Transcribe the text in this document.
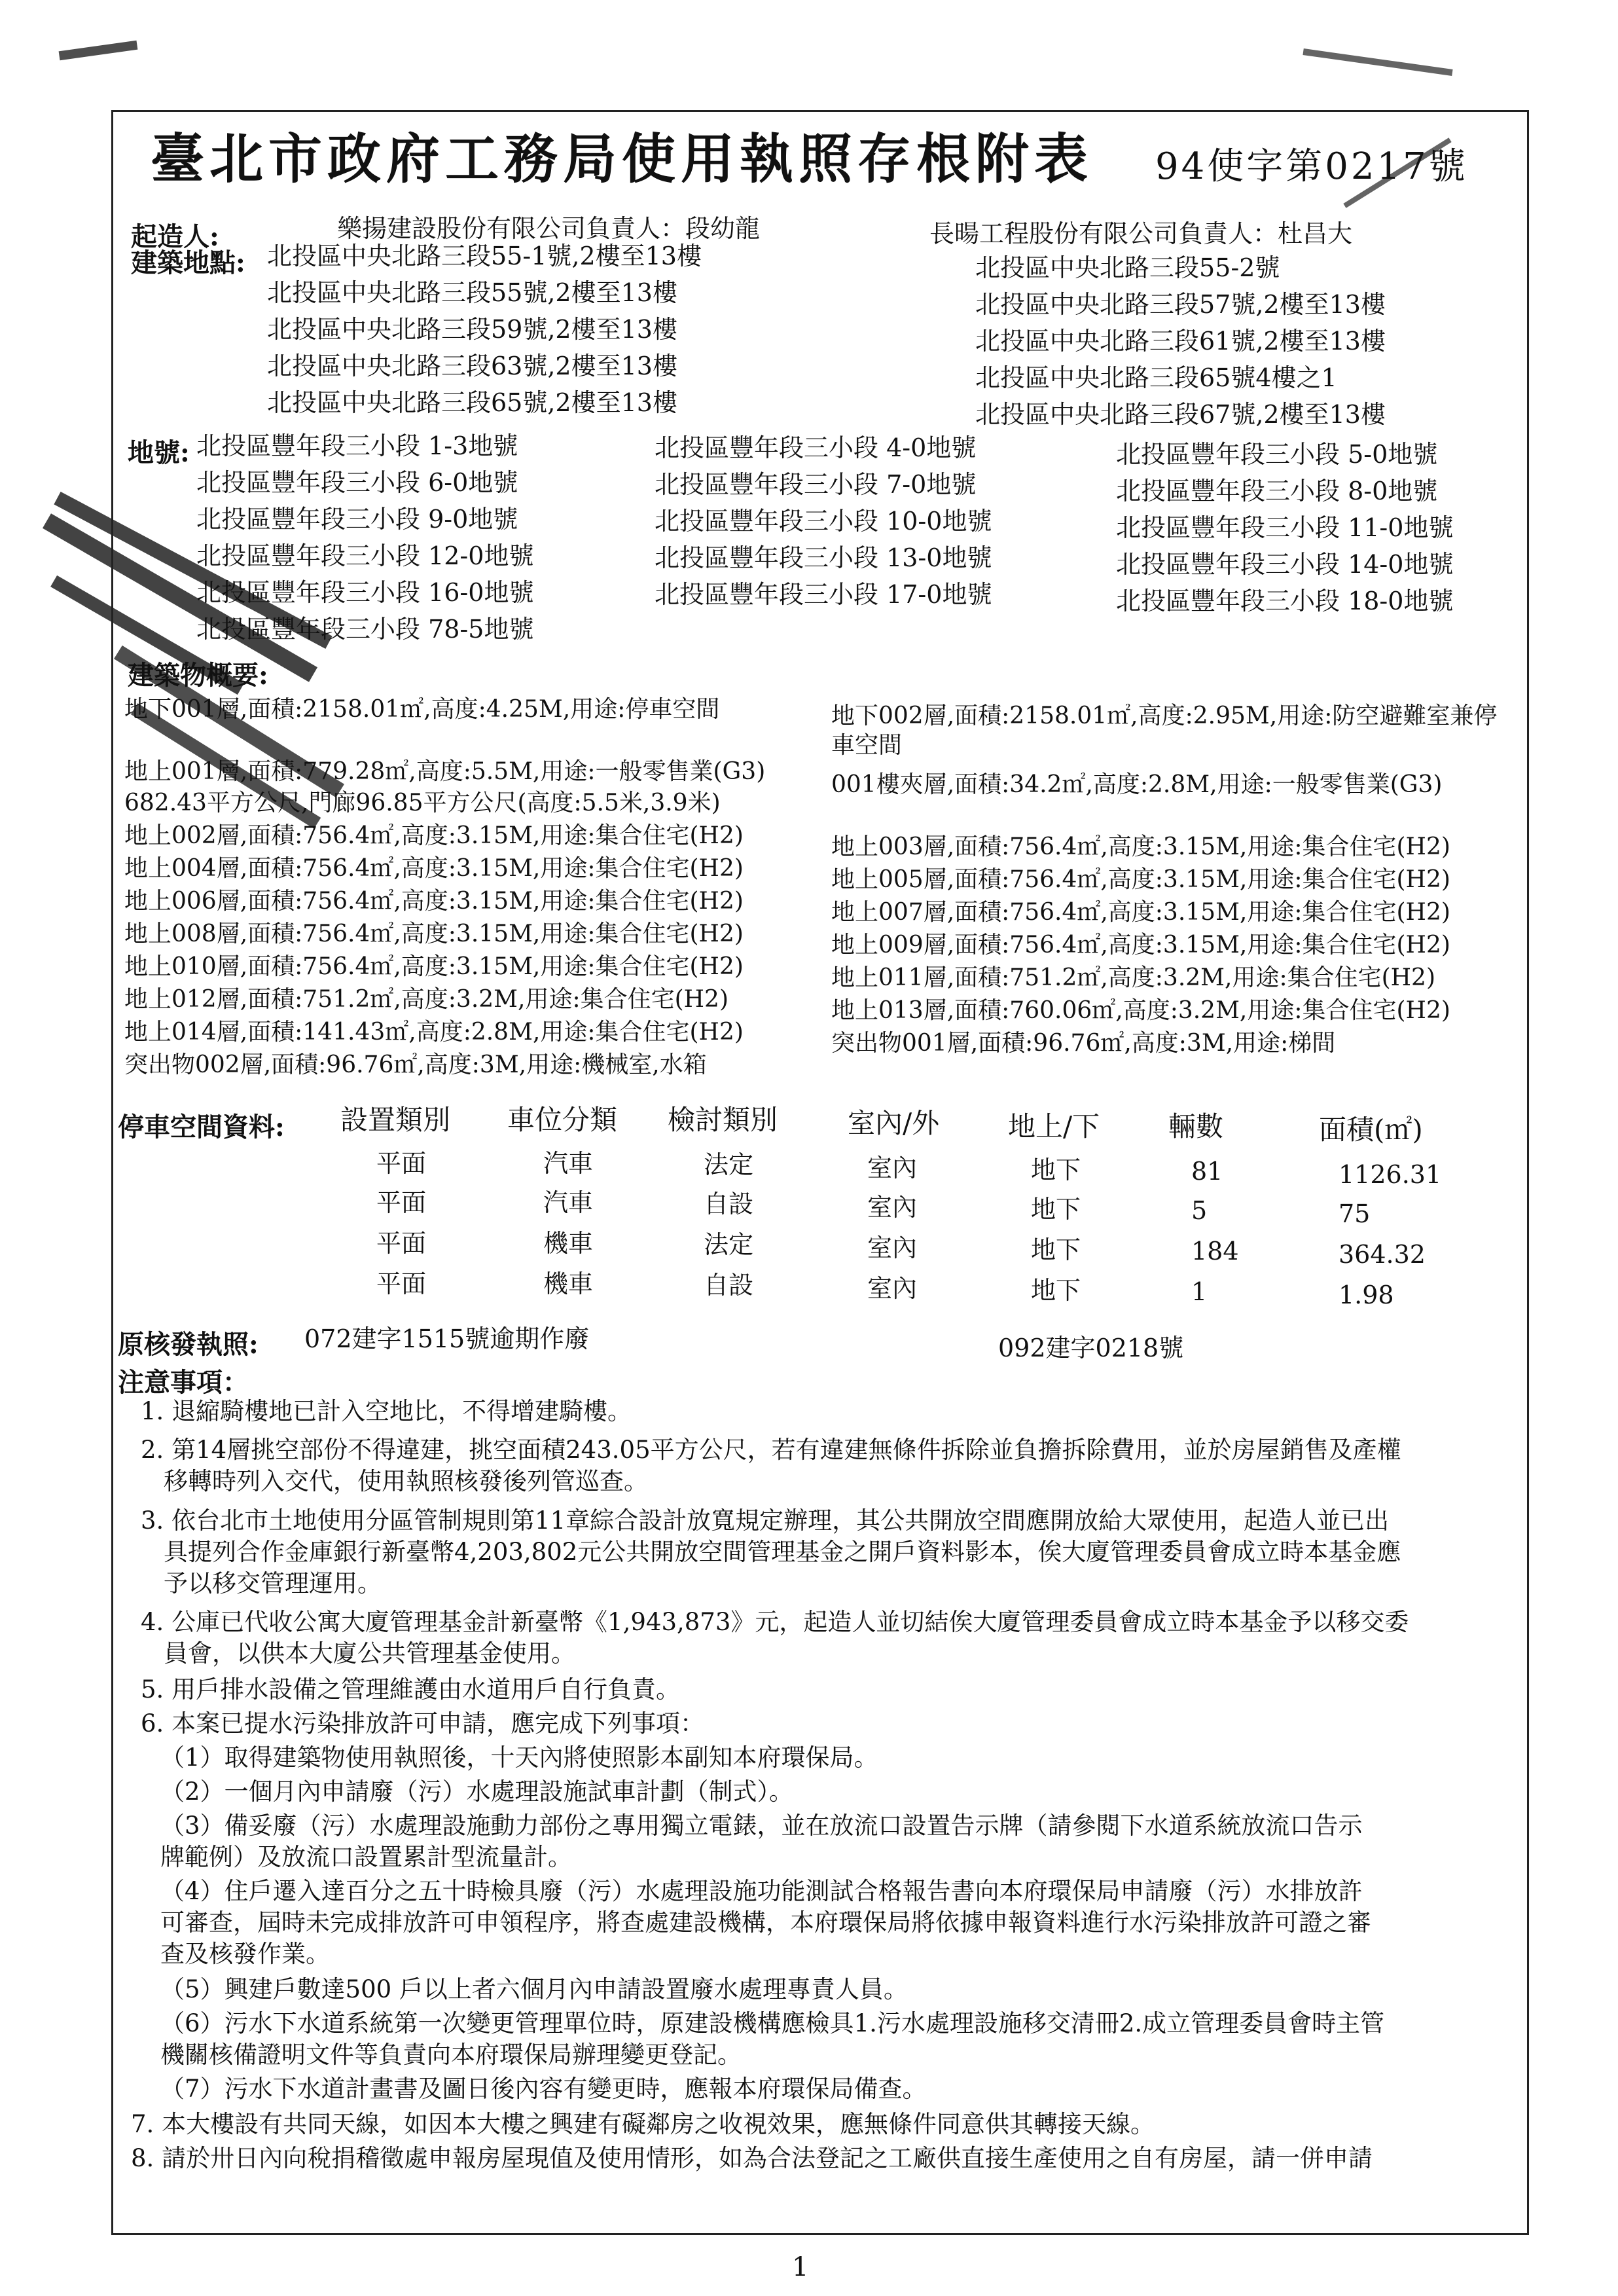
臺北市政府工務局使用執照存根附表 94使字第0217號
起造人:	樂揚建設股份有限公司負責人：段幼龍	長暘工程股份有限公司負責人：杜昌大
建築地點: 北投區中央北路三段55-1號,2樓至13樓
北投區中央北路三段55號,2樓至13樓
北投區中央北路三段59號,2樓至13樓
北投區中央北路三段63號,2樓至13樓
北投區中央北路三段65號,2樓至13樓
北投區中央北路三段55-2號
北投區中央北路三段57號,2樓至13樓
北投區中央北路三段61號,2樓至13樓
北投區中央北路三段65號4樓之1
北投區中央北路三段67號,2樓至13樓
地號: 北投區豐年段三小段 1-3地號
北投區豐年段三小段 6-0地號
北投區豐年段三小段 9-0地號
北投區豐年段三小段 12-0地號
北投區豐年段三小段 16-0地號
北投區豐年段三小段 78-5地號
北投區豐年段三小段 4-0地號
北投區豐年段三小段 7-0地號
北投區豐年段三小段 10-0地號
北投區豐年段三小段 13-0地號
北投區豐年段三小段 17-0地號
北投區豐年段三小段 5-0地號
北投區豐年段三小段 8-0地號
北投區豐年段三小段 11-0地號
北投區豐年段三小段 14-0地號
北投區豐年段三小段 18-0地號
建築物概要:
地下001層,面積:2158.01㎡,高度:4.25M,用途:停車空間
地上001層,面積:779.28㎡,高度:5.5M,用途:一般零售業(G3)
682.43平方公尺,門廊96.85平方公尺(高度:5.5米,3.9米)
地上002層,面積:756.4㎡,高度:3.15M,用途:集合住宅(H2)
地上004層,面積:756.4㎡,高度:3.15M,用途:集合住宅(H2)
地上006層,面積:756.4㎡,高度:3.15M,用途:集合住宅(H2)
地上008層,面積:756.4㎡,高度:3.15M,用途:集合住宅(H2)
地上010層,面積:756.4㎡,高度:3.15M,用途:集合住宅(H2)
地上012層,面積:751.2㎡,高度:3.2M,用途:集合住宅(H2)
地上014層,面積:141.43㎡,高度:2.8M,用途:集合住宅(H2)
突出物002層,面積:96.76㎡,高度:3M,用途:機械室,水箱
地下002層,面積:2158.01㎡,高度:2.95M,用途:防空避難室兼停
車空間
001樓夾層,面積:34.2㎡,高度:2.8M,用途:一般零售業(G3)
地上003層,面積:756.4㎡,高度:3.15M,用途:集合住宅(H2)
地上005層,面積:756.4㎡,高度:3.15M,用途:集合住宅(H2)
地上007層,面積:756.4㎡,高度:3.15M,用途:集合住宅(H2)
地上009層,面積:756.4㎡,高度:3.15M,用途:集合住宅(H2)
地上011層,面積:751.2㎡,高度:3.2M,用途:集合住宅(H2)
地上013層,面積:760.06㎡,高度:3.2M,用途:集合住宅(H2)
突出物001層,面積:96.76㎡,高度:3M,用途:梯間
停車空間資料: 設置類別 車位分類 檢討類別	室內/外 地上/下 輛數	面積(㎡)
平面	汽車	法定	室內	地下	81	1126.31
平面	汽車	自設	室內	地下	5	75
平面	機車	法定	室內	地下	184	364.32
平面	機車	自設	室內	地下	1	1.98
原核發執照: 072建字1515號逾期作廢	092建字0218號
注意事項：
1. 退縮騎樓地已計入空地比，不得增建騎樓。
2. 第14層挑空部份不得違建，挑空面積243.05平方公尺，若有違建無條件拆除並負擔拆除費用，並於房屋銷售及產權
移轉時列入交代，使用執照核發後列管巡查。
3. 依台北市土地使用分區管制規則第11章綜合設計放寬規定辦理，其公共開放空間應開放給大眾使用，起造人並已出
具提列合作金庫銀行新臺幣4,203,802元公共開放空間管理基金之開戶資料影本，俟大廈管理委員會成立時本基金應
予以移交管理運用。
4. 公庫已代收公寓大廈管理基金計新臺幣《1,943,873》元，起造人並切結俟大廈管理委員會成立時本基金予以移交委
員會，以供本大廈公共管理基金使用。
5. 用戶排水設備之管理維護由水道用戶自行負責。
6. 本案已提水污染排放許可申請，應完成下列事項：
（1）取得建築物使用執照後，十天內將使照影本副知本府環保局。
（2）一個月內申請廢（污）水處理設施試車計劃（制式）。
（3）備妥廢（污）水處理設施動力部份之專用獨立電錶，並在放流口設置告示牌（請參閱下水道系統放流口告示
牌範例）及放流口設置累計型流量計。
（4）住戶遷入達百分之五十時檢具廢（污）水處理設施功能測試合格報告書向本府環保局申請廢（污）水排放許
可審查，屆時未完成排放許可申領程序，將查處建設機構，本府環保局將依據申報資料進行水污染排放許可證之審
查及核發作業。
（5）興建戶數達500 戶以上者六個月內申請設置廢水處理專責人員。
（6）污水下水道系統第一次變更管理單位時，原建設機構應檢具1.污水處理設施移交清冊2.成立管理委員會時主管
機關核備證明文件等負責向本府環保局辦理變更登記。
（7）污水下水道計畫書及圖日後內容有變更時，應報本府環保局備查。
7. 本大樓設有共同天線，如因本大樓之興建有礙鄰房之收視效果，應無條件同意供其轉接天線。
8. 請於卅日內向稅捐稽徵處申報房屋現值及使用情形，如為合法登記之工廠供直接生產使用之自有房屋，請一併申請
1
